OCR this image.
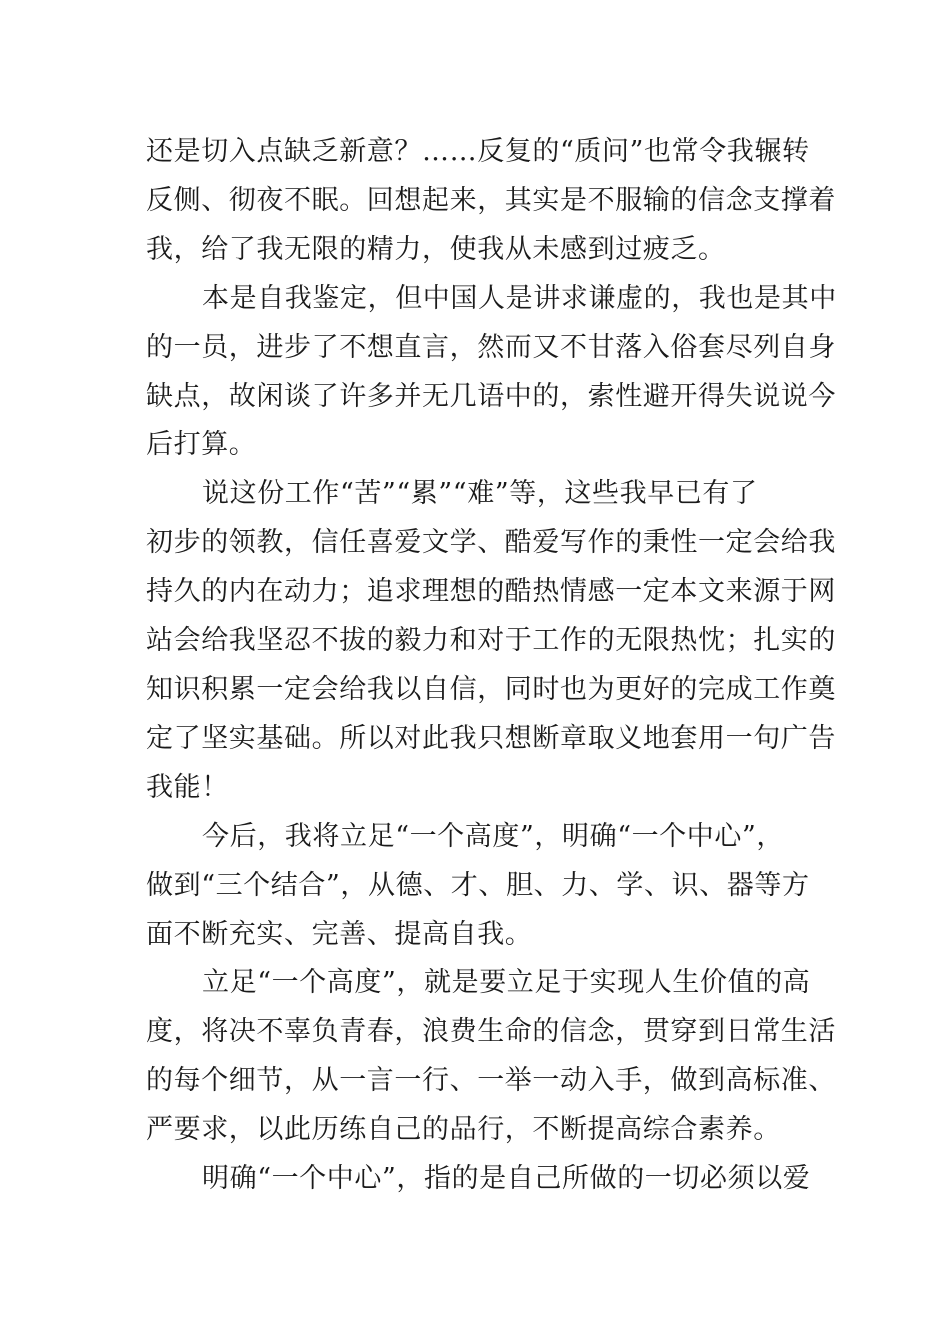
还是切入点缺乏新意？……反复的“质问”也常令我辗转
反侧、彻夜不眠。回想起来，其实是不服输的信念支撑着
我，给了我无限的精力，使我从未感到过疲乏。
本是自我鉴定，但中国人是讲求谦虚的，我也是其中
的一员，进步了不想直言，然而又不甘落入俗套尽列自身
缺点，故闲谈了许多并无几语中的，索性避开得失说说今
后打算。
说这份工作“苦”“累”“难”等，这些我早已有了
初步的领教，信任喜爱文学、酷爱写作的秉性一定会给我
持久的内在动力；追求理想的酷热情感一定本文来源于网
站会给我坚忍不拔的毅力和对于工作的无限热忱；扎实的
知识积累一定会给我以自信，同时也为更好的完成工作奠
定了坚实基础。所以对此我只想断章取义地套用一句广告
我能！
今后，我将立足“一个高度”，明确“一个中心”，
做到“三个结合”，从德、才、胆、力、学、识、器等方
面不断充实、完善、提高自我。
立足“一个高度”，就是要立足于实现人生价值的高
度，将决不辜负青春，浪费生命的信念，贯穿到日常生活
的每个细节，从一言一行、一举一动入手，做到高标准、
严要求，以此历练自己的品行，不断提高综合素养。
明确“一个中心”，指的是自己所做的一切必须以爱
